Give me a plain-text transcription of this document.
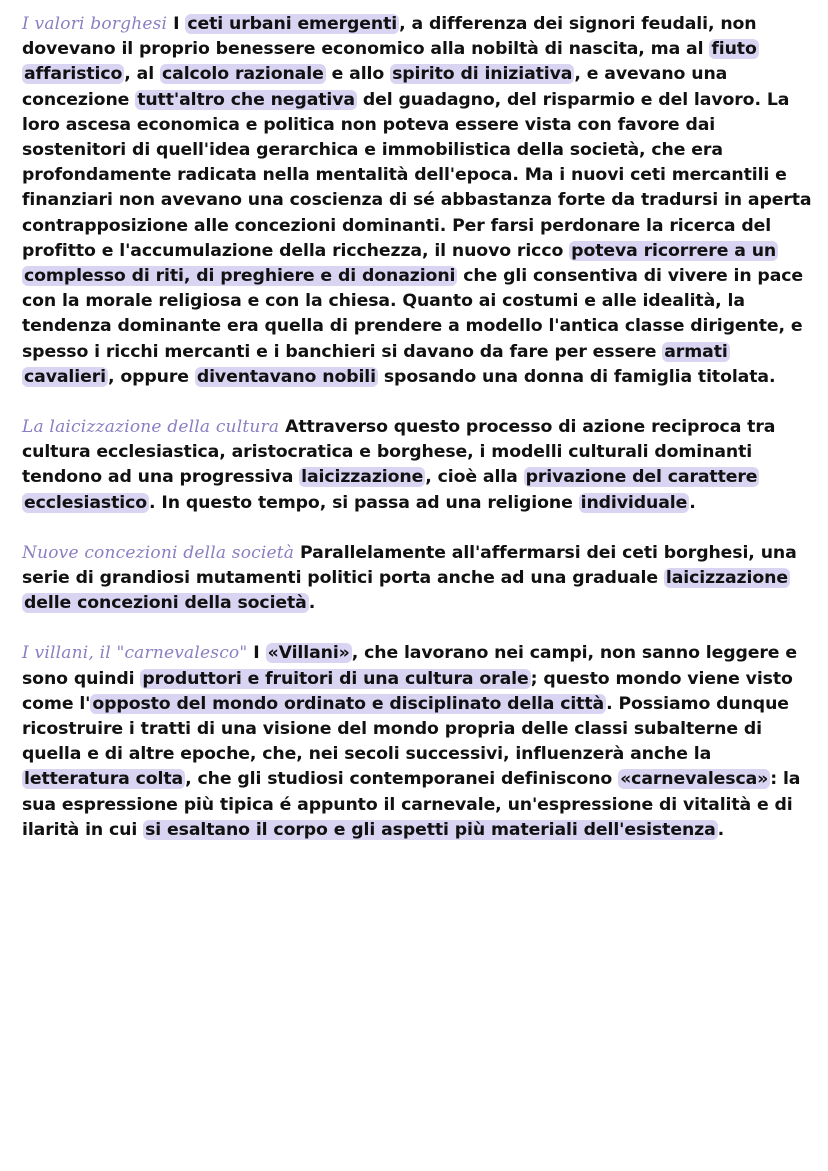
I valori borghesi I ceti urbani emergenti , a differenza dei signori feudali, non dovevano il proprio benessere economico alla nobiltà di nascita, ma al fiuto affaristico , al calcolo razionale e allo spirito di iniziativa , e avevano una concezione tutt'altro che negativa del guadagno, del risparmio e del lavoro. La loro ascesa economica e politica non poteva essere vista con favore dai sostenitori di quell'idea gerarchica e immobilistica della società, che era profondamente radicata nella mentalità dell'epoca. Ma i nuovi ceti mercantili e finanziari non avevano una coscienza di sé abbastanza forte da tradursi in aperta contrapposizione alle concezioni dominanti. Per farsi perdonare la ricerca del profitto e l'accumulazione della ricchezza, il nuovo ricco poteva ricorrere a un complesso di riti, di preghiere e di donazioni che gli consentiva di vivere in pace con la morale religiosa e con la chiesa. Quanto ai costumi e alle idealità, la tendenza dominante era quella di prendere a modello l'antica classe dirigente, e spesso i ricchi mercanti e i banchieri si davano da fare per essere armati cavalieri , oppure diventavano nobili sposando una donna di famiglia titolata.

La laicizzazione della cultura Attraverso questo processo di azione reciproca tra cultura ecclesiastica, aristocratica e borghese, i modelli culturali dominanti tendono ad una progressiva laicizzazione , cioè alla privazione del carattere ecclesiastico . In questo tempo, si passa ad una religione individuale .

Nuove concezioni della società Parallelamente all'affermarsi dei ceti borghesi, una serie di grandiosi mutamenti politici porta anche ad una graduale laicizzazione delle concezioni della società .

I villani, il "carnevalesco" I «Villani» , che lavorano nei campi, non sanno leggere e sono quindi produttori e fruitori di una cultura orale ; questo mondo viene visto come l' opposto del mondo ordinato e disciplinato della città . Possiamo dunque ricostruire i tratti di una visione del mondo propria delle classi subalterne di quella e di altre epoche, che, nei secoli successivi, influenzerà anche la letteratura colta , che gli studiosi contemporanei definiscono «carnevalesca» : la sua espressione più tipica é appunto il carnevale, un'espressione di vitalità e di ilarità in cui si esaltano il corpo e gli aspetti più materiali dell'esistenza .
